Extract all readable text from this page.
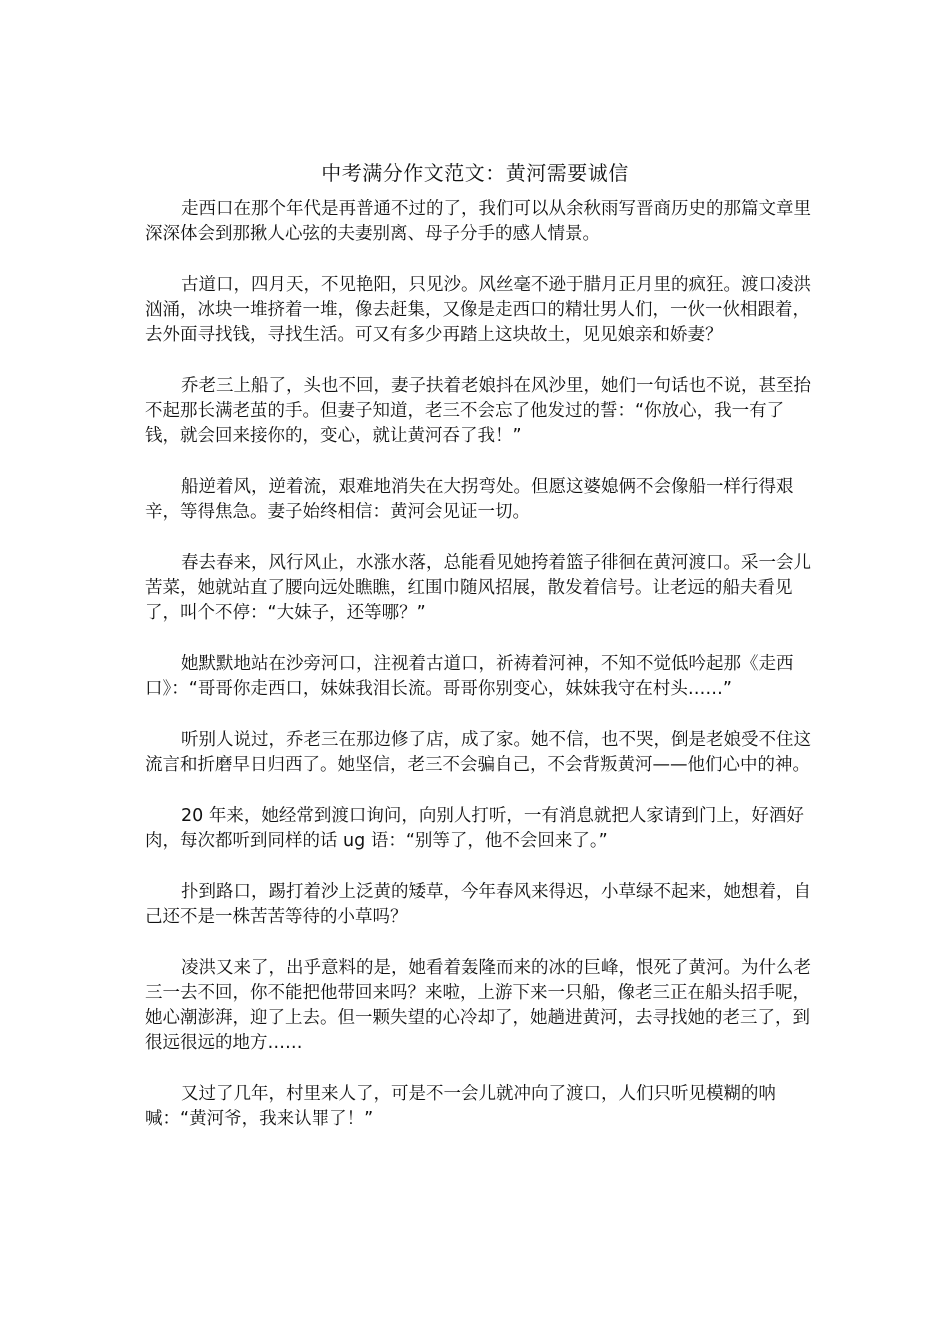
中考满分作文范文：黄河需要诚信

走西口在那个年代是再普通不过的了，我们可以从余秋雨写晋商历史的那篇文章里深深体会到那揪人心弦的夫妻别离、母子分手的感人情景。

古道口，四月天，不见艳阳，只见沙。风丝毫不逊于腊月正月里的疯狂。渡口凌洪汹涌，冰块一堆挤着一堆，像去赶集，又像是走西口的精壮男人们，一伙一伙相跟着，去外面寻找钱，寻找生活。可又有多少再踏上这块故土，见见娘亲和娇妻？

乔老三上船了，头也不回，妻子扶着老娘抖在风沙里，她们一句话也不说，甚至抬不起那长满老茧的手。但妻子知道，老三不会忘了他发过的誓：“你放心，我一有了钱，就会回来接你的，变心，就让黄河吞了我！”

船逆着风，逆着流，艰难地消失在大拐弯处。但愿这婆媳俩不会像船一样行得艰辛，等得焦急。妻子始终相信：黄河会见证一切。

春去春来，风行风止，水涨水落，总能看见她挎着篮子徘徊在黄河渡口。采一会儿苦菜，她就站直了腰向远处瞧瞧，红围巾随风招展，散发着信号。让老远的船夫看见了，叫个不停：“大妹子，还等哪？”

她默默地站在沙旁河口，注视着古道口，祈祷着河神，不知不觉低吟起那《走西口》：“哥哥你走西口，妹妹我泪长流。哥哥你别变心，妹妹我守在村头……”

听别人说过，乔老三在那边修了店，成了家。她不信，也不哭，倒是老娘受不住这流言和折磨早日归西了。她坚信，老三不会骗自己，不会背叛黄河——他们心中的神。

20 年来，她经常到渡口询问，向别人打听，一有消息就把人家请到门上，好酒好肉，每次都听到同样的话 ug 语：“别等了，他不会回来了。”

扑到路口，踢打着沙上泛黄的矮草，今年春风来得迟，小草绿不起来，她想着，自己还不是一株苦苦等待的小草吗？

凌洪又来了，出乎意料的是，她看着轰隆而来的冰的巨峰，恨死了黄河。为什么老三一去不回，你不能把他带回来吗？来啦，上游下来一只船，像老三正在船头招手呢，她心潮澎湃，迎了上去。但一颗失望的心冷却了，她趟进黄河，去寻找她的老三了，到很远很远的地方……

又过了几年，村里来人了，可是不一会儿就冲向了渡口，人们只听见模糊的呐喊：“黄河爷，我来认罪了！”
